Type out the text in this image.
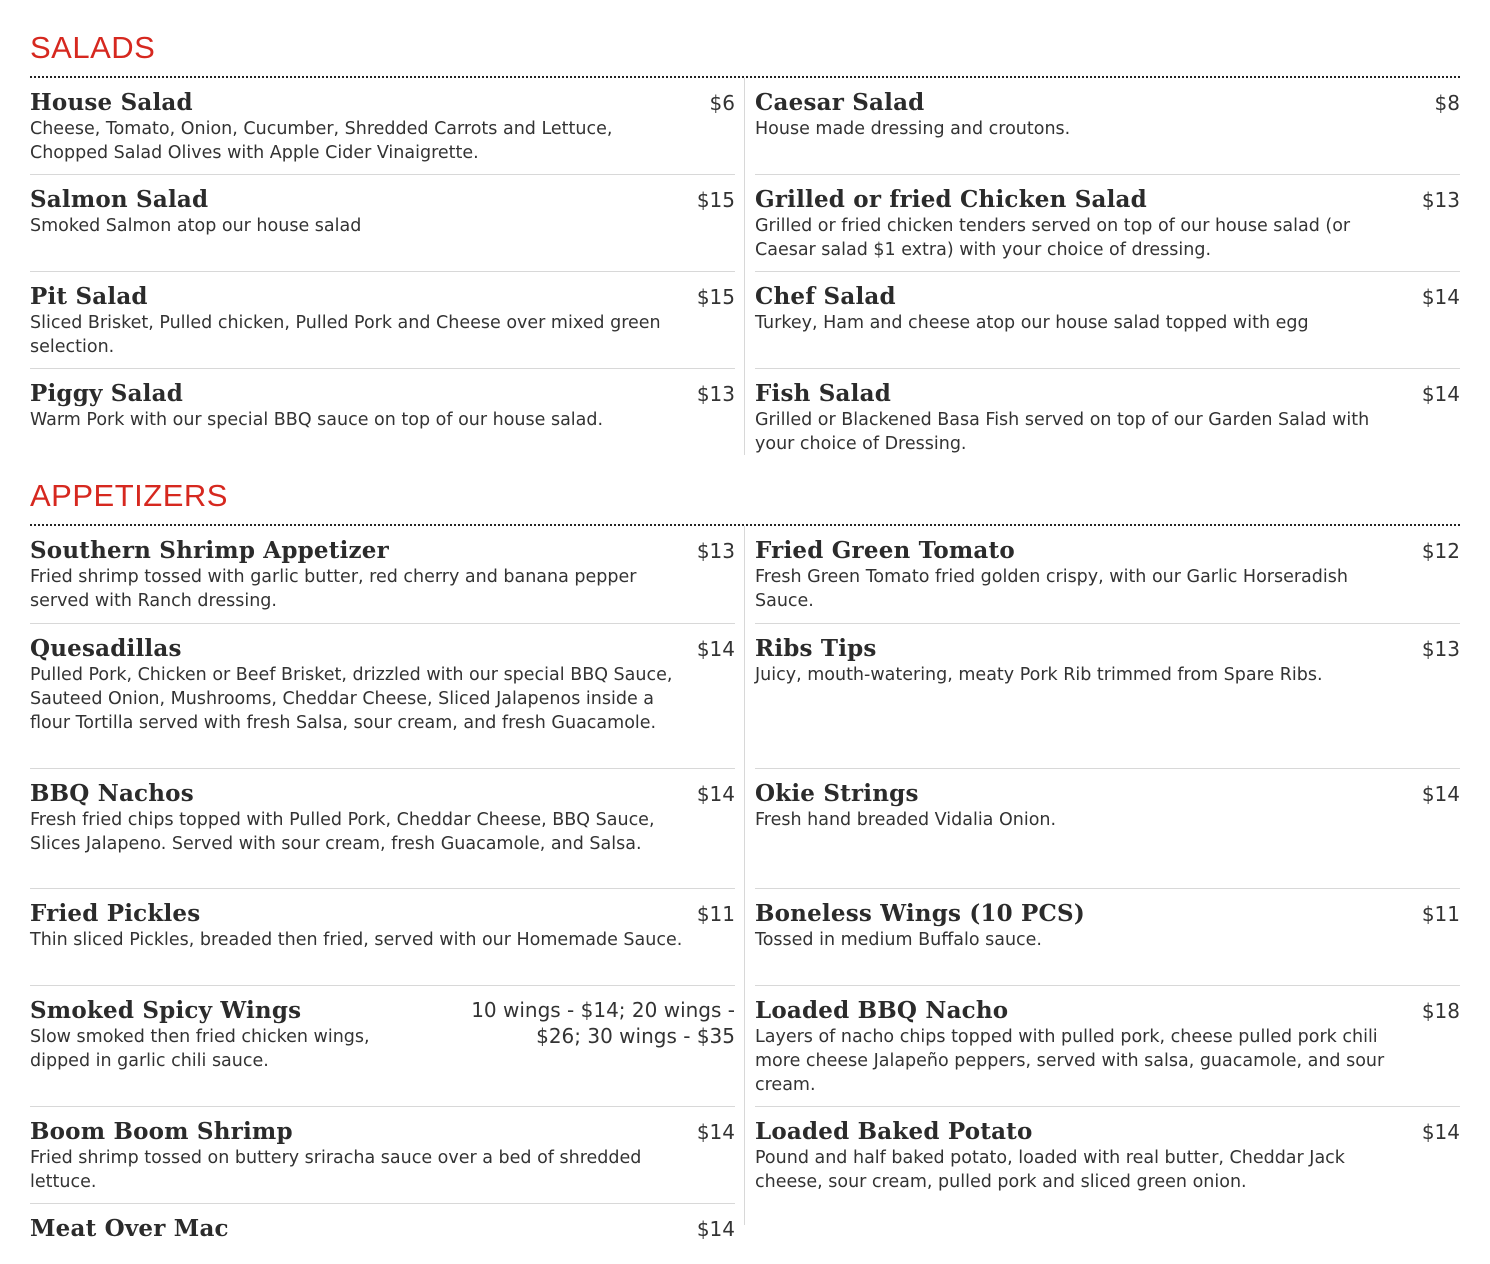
SALADS
House Salad	$6
Cheese, Tomato, Onion, Cucumber, Shredded Carrots and Lettuce, Chopped Salad Olives with Apple Cider Vinaigrette.
Caesar Salad	$8
House made dressing and croutons.
Salmon Salad	$15
Smoked Salmon atop our house salad
Grilled or fried Chicken Salad	$13
Grilled or fried chicken tenders served on top of our house salad (or Caesar salad $1 extra) with your choice of dressing.
Pit Salad	$15
Sliced Brisket, Pulled chicken, Pulled Pork and Cheese over mixed green selection.
Chef Salad	$14
Turkey, Ham and cheese atop our house salad topped with egg
Piggy Salad	$13
Warm Pork with our special BBQ sauce on top of our house salad.
Fish Salad	$14
Grilled or Blackened Basa Fish served on top of our Garden Salad with your choice of Dressing.
APPETIZERS
Southern Shrimp Appetizer	$13
Fried shrimp tossed with garlic butter, red cherry and banana pepper served with Ranch dressing.
Fried Green Tomato	$12
Fresh Green Tomato fried golden crispy, with our Garlic Horseradish Sauce.
Quesadillas	$14
Pulled Pork, Chicken or Beef Brisket, drizzled with our special BBQ Sauce, Sauteed Onion, Mushrooms, Cheddar Cheese, Sliced Jalapenos inside a flour Tortilla served with fresh Salsa, sour cream, and fresh Guacamole.
Ribs Tips	$13
Juicy, mouth-watering, meaty Pork Rib trimmed from Spare Ribs.
BBQ Nachos	$14
Fresh fried chips topped with Pulled Pork, Cheddar Cheese, BBQ Sauce, Slices Jalapeno. Served with sour cream, fresh Guacamole, and Salsa.
Okie Strings	$14
Fresh hand breaded Vidalia Onion.
Fried Pickles	$11
Thin sliced Pickles, breaded then fried, served with our Homemade Sauce.
Boneless Wings (10 PCS)	$11
Tossed in medium Buffalo sauce.
Smoked Spicy Wings	10 wings - $14; 20 wings - $26; 30 wings - $35
Slow smoked then fried chicken wings, dipped in garlic chili sauce.
Loaded BBQ Nacho	$18
Layers of nacho chips topped with pulled pork, cheese pulled pork chili more cheese Jalapeño peppers, served with salsa, guacamole, and sour cream.
Boom Boom Shrimp	$14
Fried shrimp tossed on buttery sriracha sauce over a bed of shredded lettuce.
Loaded Baked Potato	$14
Pound and half baked potato, loaded with real butter, Cheddar Jack cheese, sour cream, pulled pork and sliced green onion.
Meat Over Mac	$14
